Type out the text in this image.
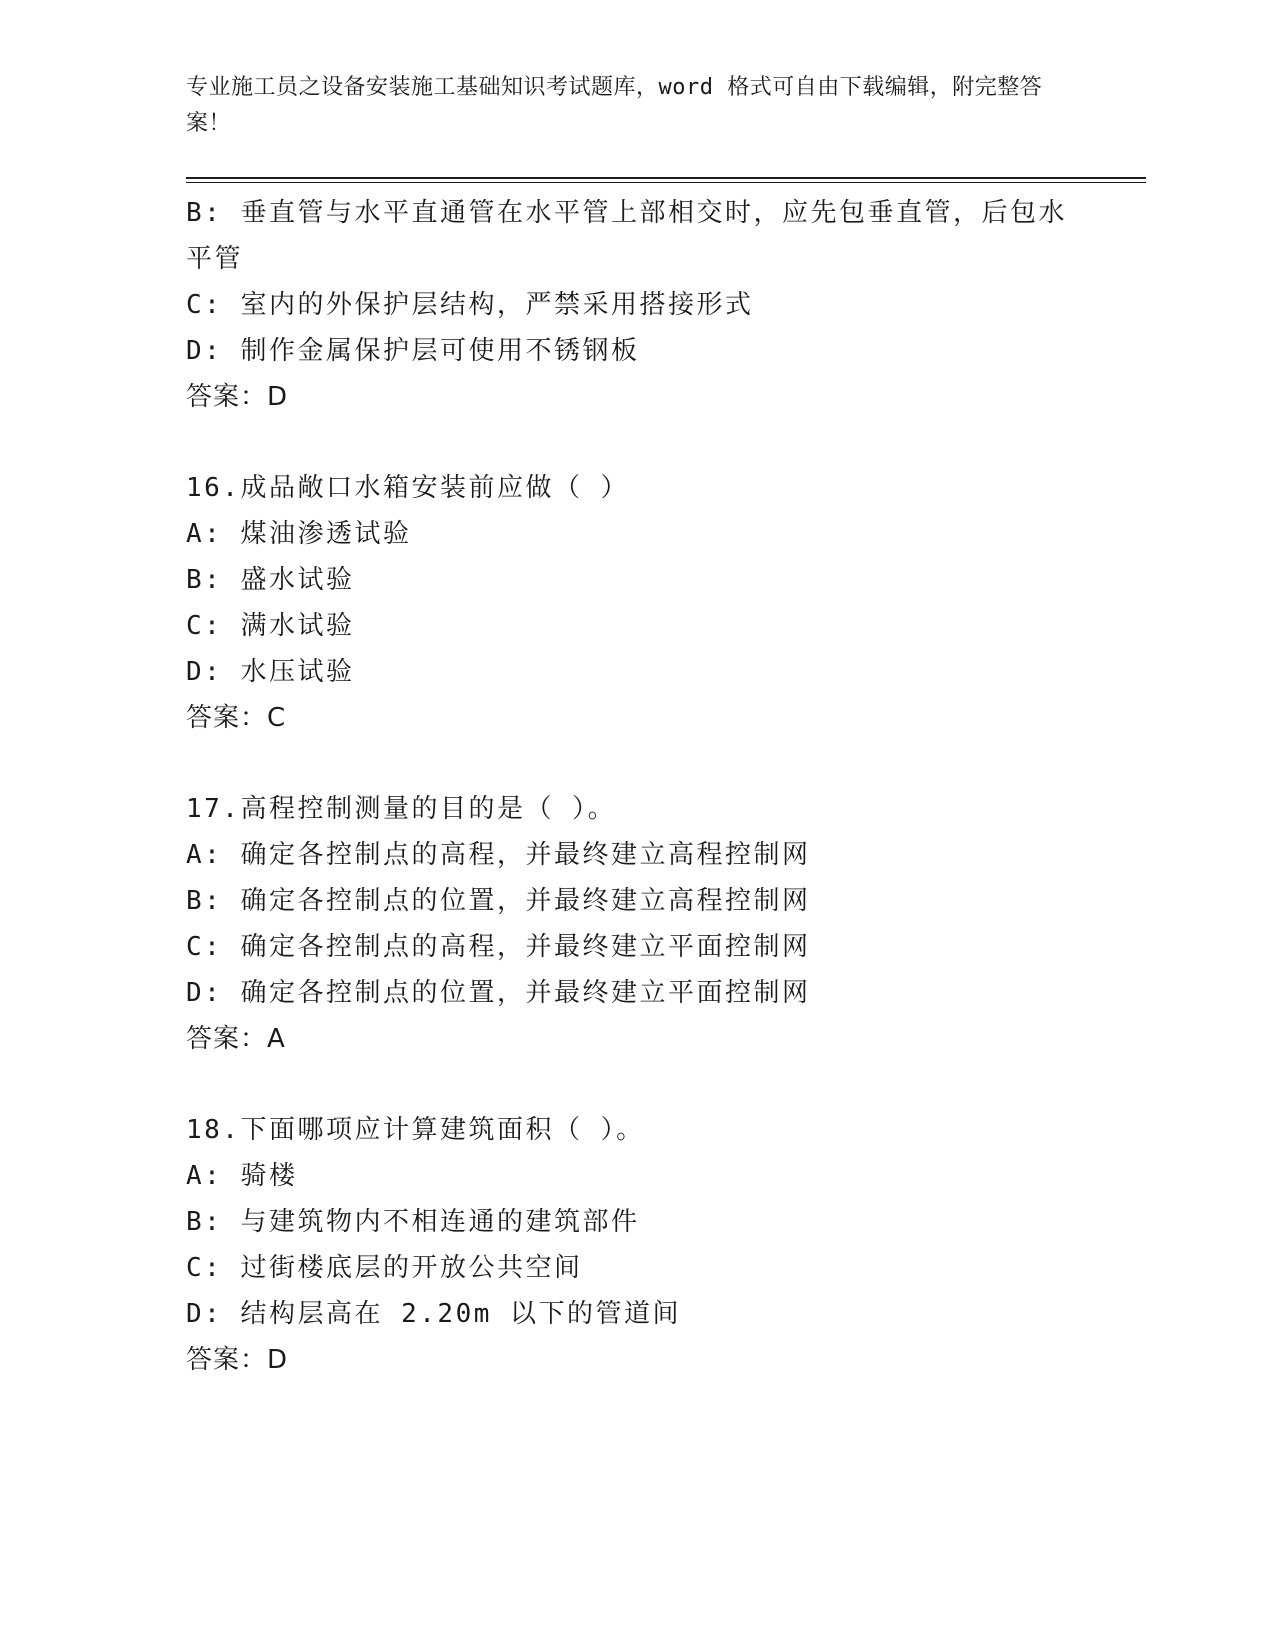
专业施工员之设备安装施工基础知识考试题库，word 格式可自由下载编辑，附完整答案！
B: 垂直管与水平直通管在水平管上部相交时，应先包垂直管，后包水
平管
C: 室内的外保护层结构，严禁采用搭接形式
D: 制作金属保护层可使用不锈钢板
答案：D
16.成品敞口水箱安装前应做（ ）
A: 煤油渗透试验
B: 盛水试验
C: 满水试验
D: 水压试验
答案：C
17.高程控制测量的目的是（ ）。
A: 确定各控制点的高程，并最终建立高程控制网
B: 确定各控制点的位置，并最终建立高程控制网
C: 确定各控制点的高程，并最终建立平面控制网
D: 确定各控制点的位置，并最终建立平面控制网
答案：A
18.下面哪项应计算建筑面积（ ）。
A: 骑楼
B: 与建筑物内不相连通的建筑部件
C: 过街楼底层的开放公共空间
D: 结构层高在 2.20m 以下的管道间
答案：D
